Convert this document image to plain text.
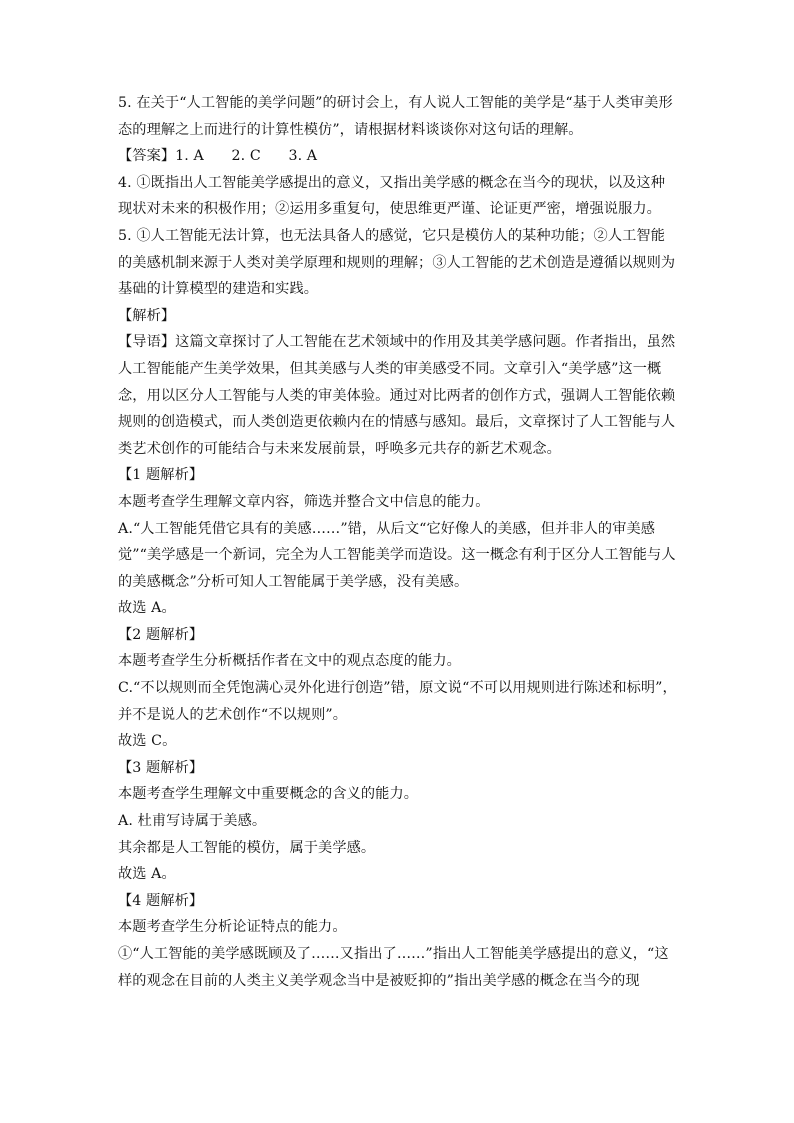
5. 在关于“人工智能的美学问题”的研讨会上，有人说人工智能的美学是“基于人类审美形态的理解之上而进行的计算性模仿”，请根据材料谈谈你对这句话的理解。

【答案】1. A      2. C      3. A

4. ①既指出人工智能美学感提出的意义，又指出美学感的概念在当今的现状，以及这种现状对未来的积极作用；②运用多重复句，使思维更严谨、论证更严密，增强说服力。

5. ①人工智能无法计算，也无法具备人的感觉，它只是模仿人的某种功能；②人工智能的美感机制来源于人类对美学原理和规则的理解；③人工智能的艺术创造是遵循以规则为基础的计算模型的建造和实践。

【解析】

【导语】这篇文章探讨了人工智能在艺术领域中的作用及其美学感问题。作者指出，虽然人工智能能产生美学效果，但其美感与人类的审美感受不同。文章引入“美学感”这一概念，用以区分人工智能与人类的审美体验。通过对比两者的创作方式，强调人工智能依赖规则的创造模式，而人类创造更依赖内在的情感与感知。最后，文章探讨了人工智能与人类艺术创作的可能结合与未来发展前景，呼唤多元共存的新艺术观念。

【1 题解析】

本题考查学生理解文章内容，筛选并整合文中信息的能力。

A.“人工智能凭借它具有的美感……”错，从后文“它好像人的美感，但并非人的审美感觉”“美学感是一个新词，完全为人工智能美学而造设。这一概念有利于区分人工智能与人的美感概念”分析可知人工智能属于美学感，没有美感。

故选 A。

【2 题解析】

本题考查学生分析概括作者在文中的观点态度的能力。

C.“不以规则而全凭饱满心灵外化进行创造”错，原文说“不可以用规则进行陈述和标明”，并不是说人的艺术创作“不以规则”。

故选 C。

【3 题解析】

本题考查学生理解文中重要概念的含义的能力。

A. 杜甫写诗属于美感。

其余都是人工智能的模仿，属于美学感。

故选 A。

【4 题解析】

本题考查学生分析论证特点的能力。

①“人工智能的美学感既顾及了……又指出了……”指出人工智能美学感提出的意义，“这样的观念在目前的人类主义美学观念当中是被贬抑的”指出美学感的概念在当今的现
